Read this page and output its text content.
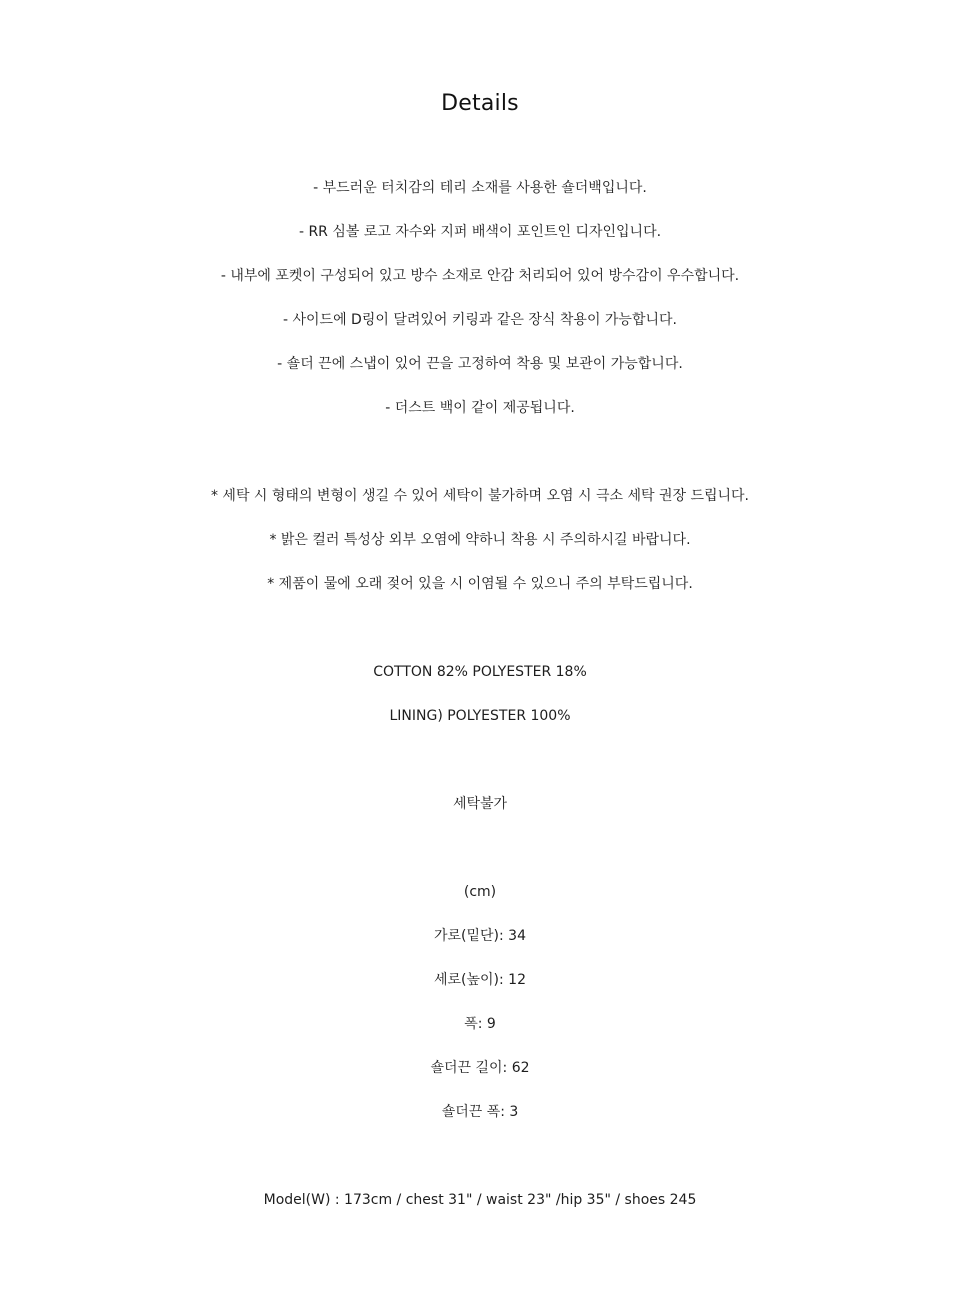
Details

- 부드러운 터치감의 테리 소재를 사용한 숄더백입니다.

- RR 심볼 로고 자수와 지퍼 배색이 포인트인 디자인입니다.

- 내부에 포켓이 구성되어 있고 방수 소재로 안감 처리되어 있어 방수감이 우수합니다.

- 사이드에 D링이 달려있어 키링과 같은 장식 착용이 가능합니다.

- 숄더 끈에 스냅이 있어 끈을 고정하여 착용 및 보관이 가능합니다.

- 더스트 백이 같이 제공됩니다.

* 세탁 시 형태의 변형이 생길 수 있어 세탁이 불가하며 오염 시 극소 세탁 권장 드립니다.

* 밝은 컬러 특성상 외부 오염에 약하니 착용 시 주의하시길 바랍니다.

* 제품이 물에 오래 젖어 있을 시 이염될 수 있으니 주의 부탁드립니다.

COTTON 82% POLYESTER 18%

LINING) POLYESTER 100%

세탁불가

(cm)

가로(밑단): 34

세로(높이): 12

폭: 9

숄더끈 길이: 62

숄더끈 폭: 3

Model(W) : 173cm / chest 31" / waist 23" /hip 35" / shoes 245
